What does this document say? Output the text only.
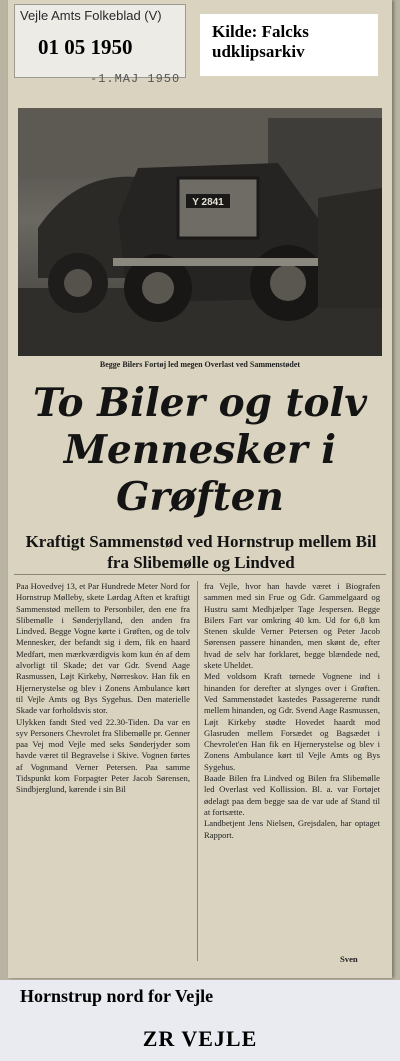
Vejle Amts Folkeblad (V)
01 05 1950
-1.MAJ 1950
Kilde: Falcks udklipsarkiv
Y 2841
Begge Bilers Fortøj led megen Overlast ved Sammenstødet
To Biler og tolv Mennesker i Grøften
Kraftigt Sammenstød ved Hornstrup mellem Bil fra Slibemølle og Lindved
Paa Hovedvej 13, et Par Hundrede Meter Nord for Hornstrup Mølleby, skete Lørdag Aften et kraftigt Sammenstød mellem to Personbiler, den ene fra Slibemølle i Sønderjylland, den anden fra Lindved. Begge Vogne kørte i Grøften, og de tolv Mennesker, der befandt sig i dem, fik en haard Medfart, men mærkværdigvis kom kun én af dem alvorligt til Skade; det var Gdr. Svend Aage Rasmussen, Løjt Kirkeby, Nørreskov. Han fik en Hjernerystelse og blev i Zonens Ambulance kørt til Vejle Amts og Bys Sygehus. Den materielle Skade var forholdsvis stor.
Ulykken fandt Sted ved 22.30-Tiden. Da var en syv Personers Chevrolet fra Slibemølle pr. Genner paa Vej mod Vejle med seks Sønderjyder som havde været til Begravelse i Skive. Vognen førtes af Vognmand Verner Petersen. Paa samme Tidspunkt kom Forpagter Peter Jacob Sørensen, Sindbjerglund, kørende i sin Bil
fra Vejle, hvor han havde været i Biografen sammen med sin Frue og Gdr. Gammelgaard og Hustru samt Medhjælper Tage Jespersen. Begge Bilers Fart var omkring 40 km. Ud for 6,8 km Stenen skulde Verner Petersen og Peter Jacob Sørensen passere hinanden, men skønt de, efter hvad de selv har forklaret, begge blændede ned, skete Uheldet.
Med voldsom Kraft tørnede Vognene ind i hinanden for derefter at slynges over i Grøften. Ved Sammenstødet kastedes Passagererne rundt mellem hinanden, og Gdr. Svend Aage Rasmussen, Løjt Kirkeby stødte Hovedet haardt mod Glasruden mellem Forsædet og Bagsædet i Chevrolet'en Han fik en Hjernerystelse og blev i Zonens Ambulance kørt til Vejle Amts og Bys Sygehus.
Baade Bilen fra Lindved og Bilen fra Slibemølle led Overlast ved Kollission. Bl. a. var Fortøjet ødelagt paa dem begge saa de var ude af Stand til at fortsætte.
Landbetjent Jens Nielsen, Grejsdalen, har optaget Rapport.
Sven
Hornstrup nord for Vejle
ZR VEJLE
